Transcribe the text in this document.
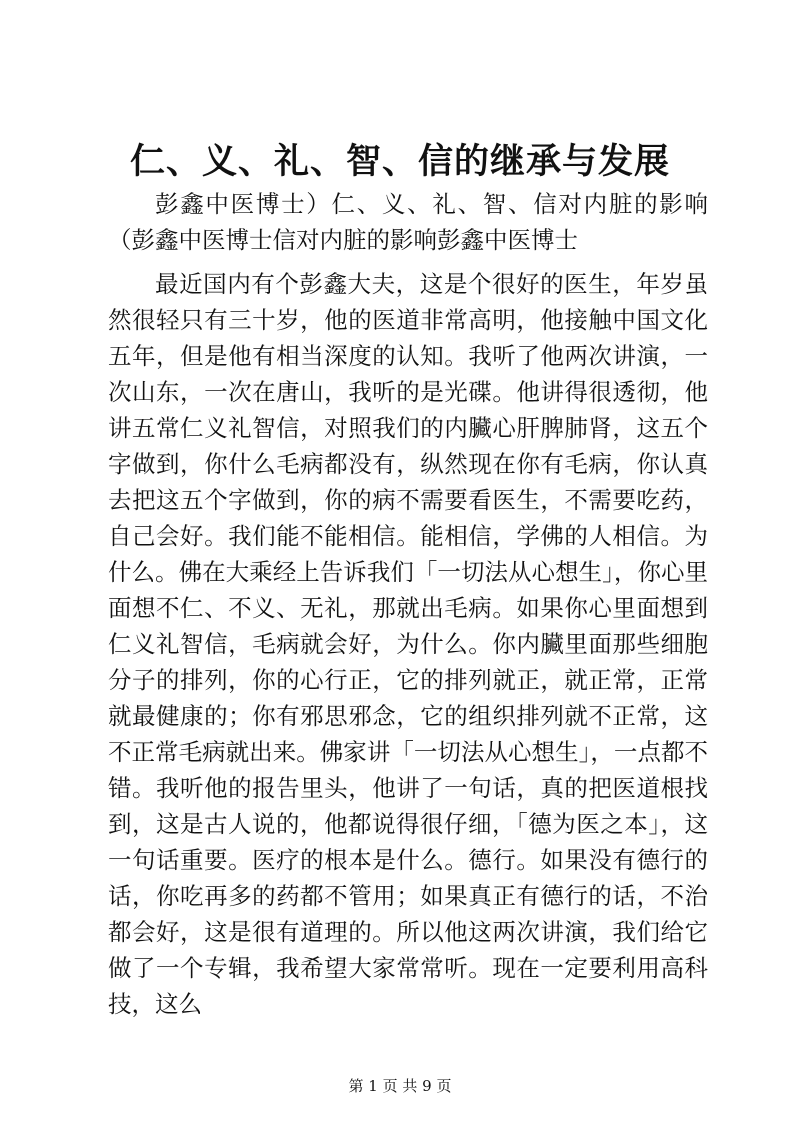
仁、义、礼、智、信的继承与发展

彭鑫中医博士）仁、义、礼、智、信对内脏的影响（彭鑫中医博士信对内脏的影响彭鑫中医博士

最近国内有个彭鑫大夫，这是个很好的医生，年岁虽然很轻只有三十岁，他的医道非常高明，他接触中国文化五年，但是他有相当深度的认知。我听了他两次讲演，一次山东，一次在唐山，我听的是光碟。他讲得很透彻，他讲五常仁义礼智信，对照我们的内臟心肝脾肺肾，这五个字做到，你什么毛病都没有，纵然现在你有毛病，你认真去把这五个字做到，你的病不需要看医生，不需要吃药，自己会好。我们能不能相信。能相信，学佛的人相信。为什么。佛在大乘经上告诉我们「一切法从心想生」，你心里面想不仁、不义、无礼，那就出毛病。如果你心里面想到仁义礼智信，毛病就会好，为什么。你内臟里面那些细胞分子的排列，你的心行正，它的排列就正，就正常，正常就最健康的；你有邪思邪念，它的组织排列就不正常，这不正常毛病就出来。佛家讲「一切法从心想生」，一点都不错。我听他的报告里头，他讲了一句话，真的把医道根找到，这是古人说的，他都说得很仔细，「德为医之本」，这一句话重要。医疗的根本是什么。德行。如果没有德行的话，你吃再多的药都不管用；如果真正有德行的话，不治都会好，这是很有道理的。所以他这两次讲演，我们给它做了一个专辑，我希望大家常常听。现在一定要利用高科技，这么

第 1 页 共 9 页
